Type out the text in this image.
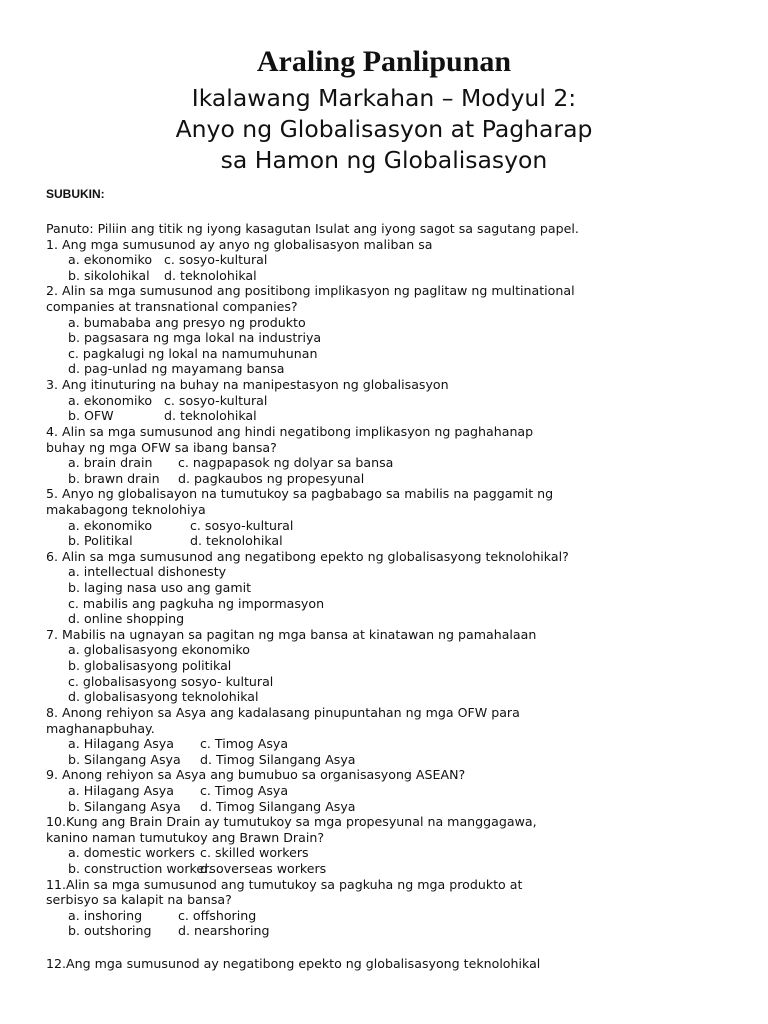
Araling Panlipunan
Ikalawang Markahan – Modyul 2:
Anyo ng Globalisasyon at Pagharap
sa Hamon ng Globalisasyon
SUBUKIN:
Panuto: Piliin ang titik ng iyong kasagutan Isulat ang iyong sagot sa sagutang papel.
1. Ang mga sumusunod ay anyo ng globalisasyon maliban sa
a. ekonomiko c. sosyo-kultural
b. sikolohikal d. teknolohikal
2. Alin sa mga sumusunod ang positibong implikasyon ng paglitaw ng multinational
companies at transnational companies?
a. bumababa ang presyo ng produkto
b. pagsasara ng mga lokal na industriya
c. pagkalugi ng lokal na namumuhunan
d. pag-unlad ng mayamang bansa
3. Ang itinuturing na buhay na manipestasyon ng globalisasyon
a. ekonomiko c. sosyo-kultural
b. OFW	d. teknolohikal
4. Alin sa mga sumusunod ang hindi negatibong implikasyon ng paghahanap
buhay ng mga OFW sa ibang bansa?
a. brain drain c. nagpapasok ng dolyar sa bansa
b. brawn drain d. pagkaubos ng propesyunal
5. Anyo ng globalisayon na tumutukoy sa pagbabago sa mabilis na paggamit ng
makabagong teknolohiya
a. ekonomiko	c. sosyo-kultural
b. Politikal	d. teknolohikal
6. Alin sa mga sumusunod ang negatibong epekto ng globalisasyong teknolohikal?
a. intellectual dishonesty
b. laging nasa uso ang gamit
c. mabilis ang pagkuha ng impormasyon
d. online shopping
7. Mabilis na ugnayan sa pagitan ng mga bansa at kinatawan ng pamahalaan
a. globalisasyong ekonomiko
b. globalisasyong politikal
c. globalisasyong sosyo- kultural
d. globalisasyong teknolohikal
8. Anong rehiyon sa Asya ang kadalasang pinupuntahan ng mga OFW para
maghanapbuhay.
a. Hilagang Asya c. Timog Asya
b. Silangang Asya d. Timog Silangang Asya
9. Anong rehiyon sa Asya ang bumubuo sa organisasyong ASEAN?
a. Hilagang Asya c. Timog Asya
b. Silangang Asya d. Timog Silangang Asya
10.Kung ang Brain Drain ay tumutukoy sa mga propesyunal na manggagawa,
kanino naman tumutukoy ang Brawn Drain?
a. domestic workers c. skilled workers
b. construction workers   d. overseas workers
11.Alin sa mga sumusunod ang tumutukoy sa pagkuha ng mga produkto at
serbisyo sa kalapit na bansa?
a. inshoring	c. offshoring
b. outshoring d. nearshoring
12.Ang mga sumusunod ay negatibong epekto ng globalisasyong teknolohikal
